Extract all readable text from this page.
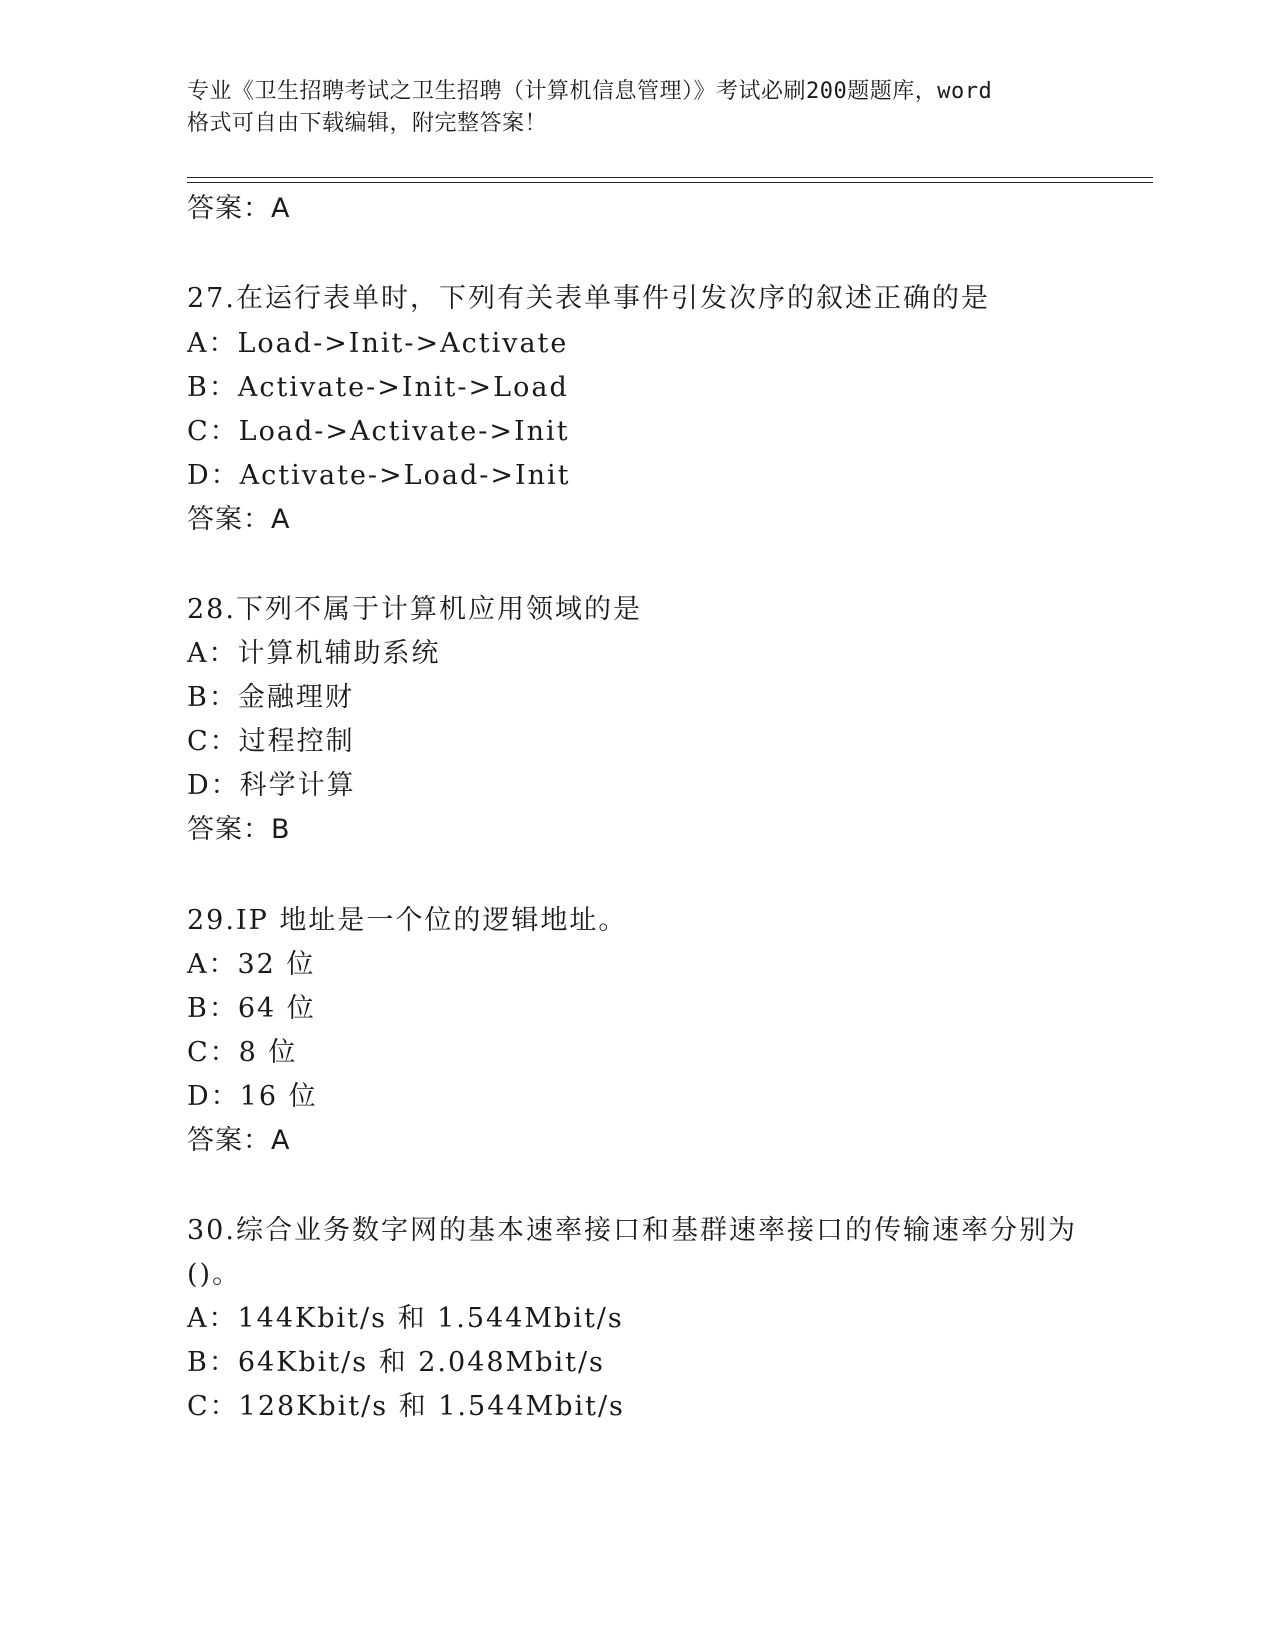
专业《卫生招聘考试之卫生招聘（计算机信息管理）》考试必刷200题题库，word
格式可自由下载编辑，附完整答案！
答案：A
27.在运行表单时，下列有关表单事件引发次序的叙述正确的是
A：Load->Init->Activate
B：Activate->Init->Load
C：Load->Activate->Init
D：Activate->Load->Init
答案：A
28.下列不属于计算机应用领域的是
A：计算机辅助系统
B：金融理财
C：过程控制
D：科学计算
答案：B
29.IP 地址是一个位的逻辑地址。
A：32 位
B：64 位
C：8 位
D：16 位
答案：A
30.综合业务数字网的基本速率接口和基群速率接口的传输速率分别为
()。
A：144Kbit/s 和 1.544Mbit/s
B：64Kbit/s 和 2.048Mbit/s
C：128Kbit/s 和 1.544Mbit/s
